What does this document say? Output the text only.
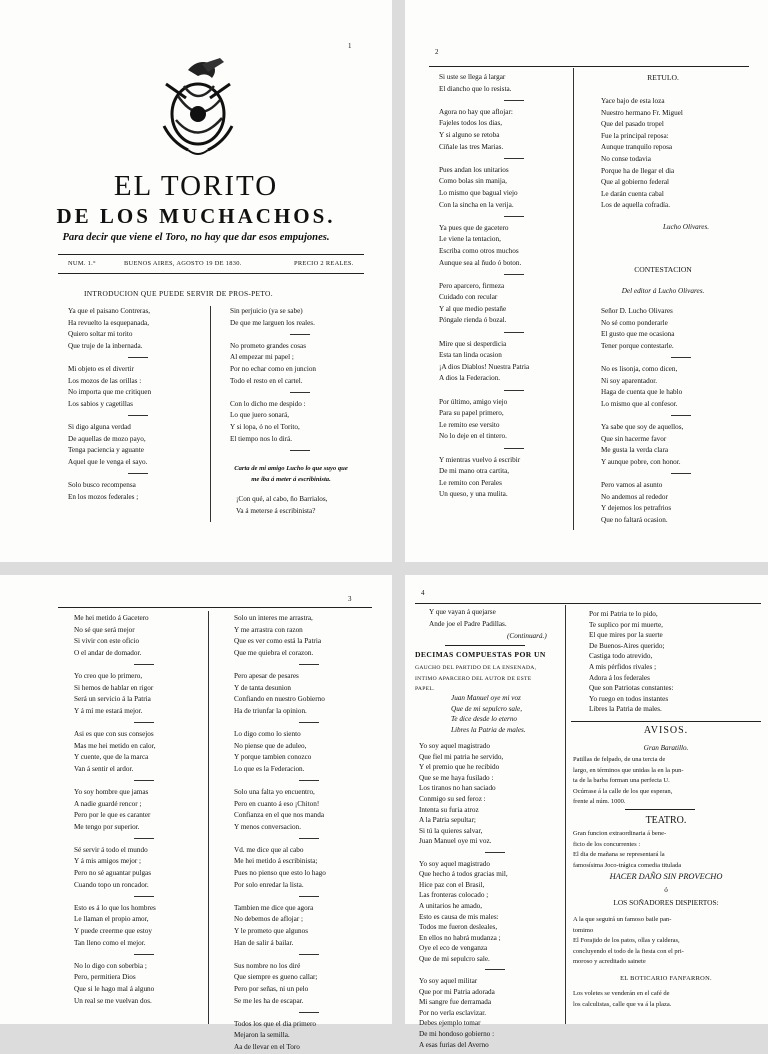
1
EL TORITO
DE LOS MUCHACHOS.
Para decir que viene el Toro, no hay que dar esos empujones.
NUM. 1.°	BUENOS AIRES, AGOSTO 19 DE 1830.	PRECIO 2 REALES.
INTRODUCION QUE PUEDE SERVIR DE PROS-PETO.

Ya que el paisano Contreras,

Ha revuelto la esquepanada,

Quiero soltar mi torito

Que truje de la inbernada.

Mi objeto es el divertir

Los mozos de las orillas :

No importa que me critiquen

Los sabios y cagetillas

Si digo alguna verdad

De aquellas de mozo payo,

Tenga paciencia y aguante

Aquel que le venga el sayo.

Solo busco recompensa

En los mozos federales ;

Sin perjuicio (ya se sabe)

De que me larguen los reales.

No prometo grandes cosas

Al empezar mi papel ;

Por no echar como en juncion

Todo el resto en el cartel.

Con lo dicho me despido :

Lo que juero sonará,

Y si lopa, ó no el Torito,

El tiempo nos lo dirá.

Carta de mi amigo Lucho lo que suyo que

me iba á meter á escribinista.

¡Con qué, al cabo, ño Barrialos,

Va á meterse á escribinista?

2

Si uste se llega á largar

El diancho que lo resista.

Agora no hay que aflojar:

Fajeles todos los dias,

Y si alguno se retoba

Cíñale las tres Marias.

Pues andan los unitarios

Como bolas sin manija,

Lo mismo que bagual viejo

Con la sincha en la verija.

Ya pues que de gacetero

Le viene la tentacion,

Escriba como otros muchos

Aunque sea al ñudo ó boton.

Pero aparcero, firmeza

Cuidado con recular

Y al que medio pestañe

Póngale rienda ó bozal.

Mire que si desperdicia

Esta tan linda ocasion

¡A dios Diablos! Nuestra Patria

A dios la Federacion.

Por último, amigo viejo

Para su papel primero,

Le remito ese versito

No lo deje en el tintero.

Y mientras vuelvo á escribir

De mi mano otra cartita,

Le remito con Perales

Un queso, y una mulita.

RETULO.

Yace bajo de esta loza

Nuestro hermano Fr. Miguel

Que del pasado tropel

Fue la principal reposa:

Aunque tranquilo reposa

No conse todavia

Porque ha de llegar el dia

Que al gobierno federal

Le darán cuenta cabal

Los de aquella cofradía.

Lucho Olivares.
CONTESTACION
Del editor á Lucho Olivares.

Señor D. Lucho Olivares

No sé como ponderarle

El gusto que me ocasiona

Tener porque contestarle.

No es lisonja, como dicen,

Ni soy aparentador.

Haga de cuenta que le hablo

Lo mismo que al confesor.

Ya sabe que soy de aquellos,

Que sin hacerme favor

Me gusta la verda clara

Y aunque pobre, con honor.

Pero vamos al asunto

No andemos al rededor

Y dejemos los petrafrios

Que no faltará ocasion.

3

Me hei metido á Gacetero

No sé que será mejor

Si vivir con este oficio

O el andar de domador.

Yo creo que lo primero,

Si hemos de hablar en rigor

Será un servicio á la Patria

Y á mí me estará mejor.

Asi es que con sus consejos

Mas me hei metido en calor,

Y cuente, que de la marca

Van á sentir el ardor.

Yo soy hombre que jamas

A nadie guardé rencor ;

Pero por le que es caranter

Me tengo por superior.

Sé servir á todo el mundo

Y á mis amigos mejor ;

Pero no sé aguantar pulgas

Cuando topo un roncador.

Esto es á lo que los hombres

Le llaman el propio amor,

Y puede creerme que estoy

Tan lleno como el mejor.

No lo digo con soberbia ;

Pero, permitiera Dios

Que si le hago mal á alguno

Un real se me vuelvan dos.

Solo un interes me arrastra,

Y me arrastra con razon

Que es ver como está la Patria

Que me quiebra el corazon.

Pero apesar de pesares

Y de tanta desunion

Confiando en nuestro Gobierno

Ha de triunfar la opinion.

Lo digo como lo siento

No piense que de aduleo,

Y porque tambien conozco

Lo que es la Federacion.

Solo una falta yo encuentro,

Pero en cuanto á eso ¡Chiton!

Confianza en el que nos manda

Y menos conversacion.

Vd. me dice que al cabo

Me hei metido á escribinista;

Pues no pienso que esto lo hago

Por solo enredar la lista.

Tambien me dice que agora

No debemos de aflojar ;

Y le prometo que algunos

Han de salir á bailar.

Sus nombre no los diré

Que siempre es gueno callar;

Pero por señas, ni un pelo

Se me les ha de escapar.

Todos los que el dia primero

Mejaron la semilla.

Aa de llevar en el Toro

4

Y que vayan á quejarse

Ande joe el Padre Padillas.

(Continuará.)
DECIMAS COMPUESTAS POR UN

GAUCHO DEL PARTIDO DE LA ENSENADA,

INTIMO APARCERO DEL AUTOR DE ESTE

PAPEL.

Juan Manuel oye mi voz

Que de mi sepulcro sale,

Te dice desde lo eterno

Libres la Patria de males.

Yo soy aquel magistrado

Que fiel mi patria he servido,

Y el premio que he recibido

Que se me haya fusilado :

Los tiranos no han saciado

Conmigo su sed feroz :

Intenta su furia atroz

A la Patria sepultar;

Si tú la quieres salvar,

Juan Manuel oye mi voz.

Yo soy aquel magistrado

Que hecho á todos gracias mil,

Hice paz con el Brasil,

Las fronteras colocado ;

A unitarios he amado,

Esto es causa de mis males:

Todos me fueron desleales,

En ellos no habrá mudanza ;

Oye el eco de venganza

Que de mi sepulcro sale.

Yo soy aquel militar

Que por mi Patria adorada

Mi sangre fue derramada

Por no verla esclavizar.

Debes ejemplo tomar

De mi hondoso gobierno :

A esas furias del Averno

Por mi Patria te lo pido,

Te suplico por mi muerte,

El que mires por la suerte

De Buenos-Aires querido;

Castiga todo atrevido,

A mis pérfidos rivales ;

Adora á los federales

Que son Patriotas constantes:

Yo ruego en todos instantes

Libres la Patria de males.

AVISOS.
Gran Baratillo.

Patillas de felpado, de una tercia de

largo, en términos que unidas la en la pun-

ta de la barba forman una perfecta U.

Ocúrrase á la calle de los que esperan,

frente al núm. 1000.

TEATRO.

Gran funcion extraordinaria á bene-

ficio de los concurrentes :

El dia de mañana se representará la

famosísima Joco-trágica comedia titulada

HACER DAÑO SIN PROVECHO
ó
LOS SOÑADORES DISPIERTOS:

A la que seguirá un famoso baile pan-

tomimo

El Forajido de los patos, ollas y calderas,

concluyendo el todo de la fiesta con el pri-

moroso y acreditado sainete

EL BOTICARIO FANFARRON.

Los voletes se venderán en el café de

los calculistas, calle que va á la plaza.
